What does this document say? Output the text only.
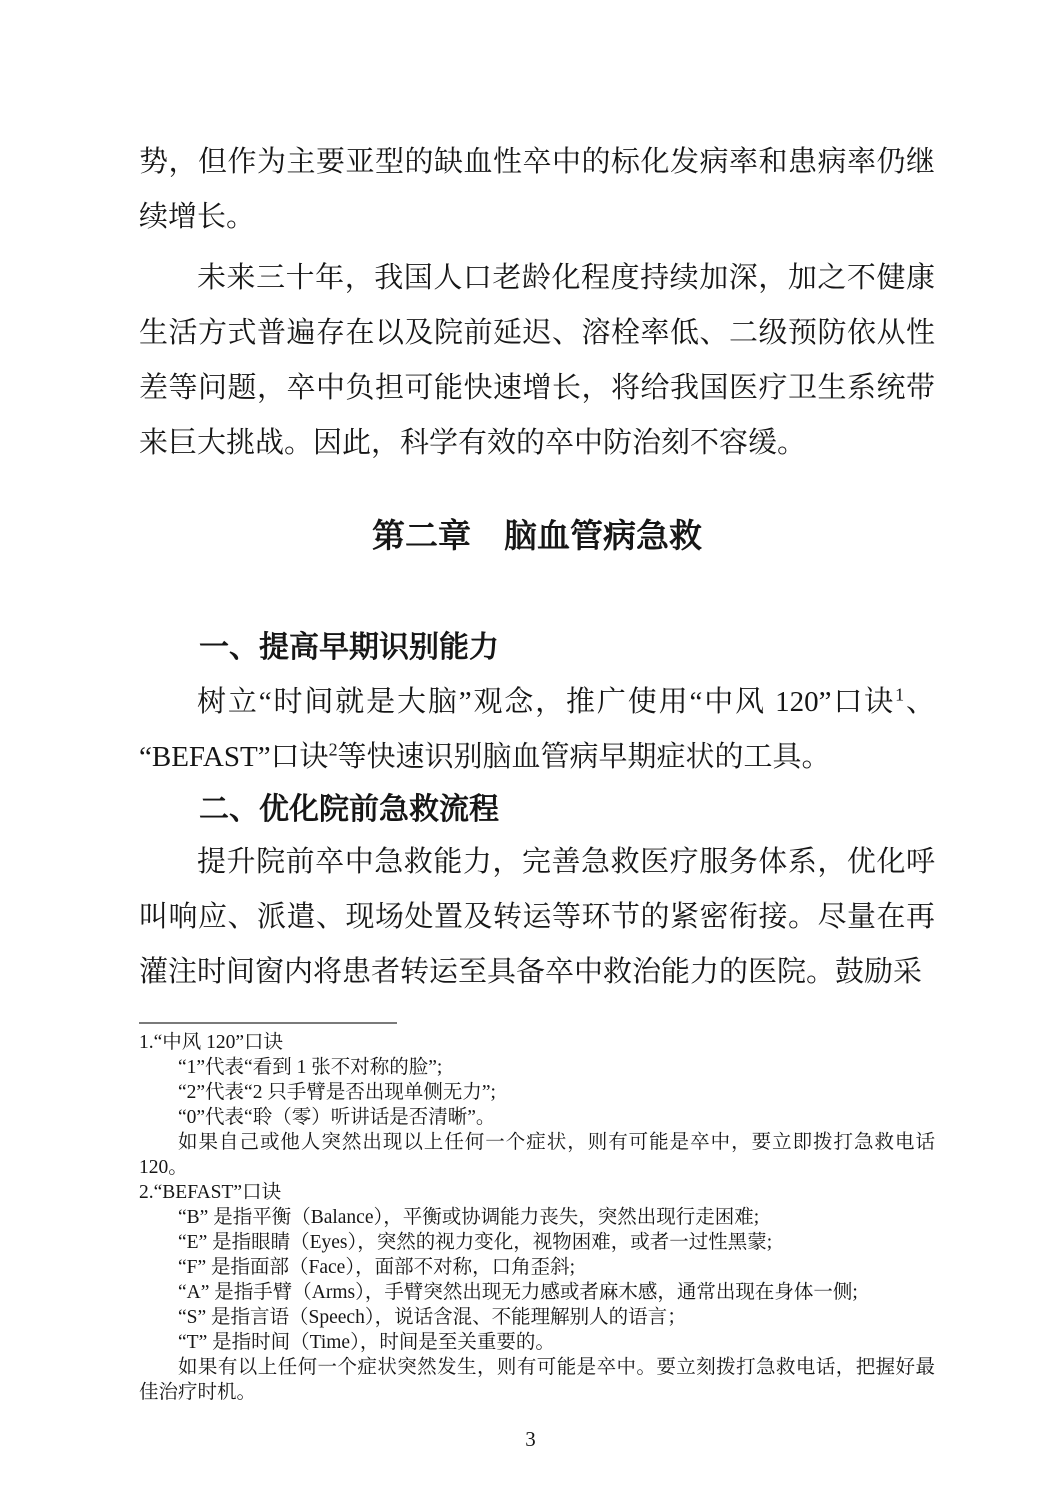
势，但作为主要亚型的缺血性卒中的标化发病率和患病率仍继续增长。

未来三十年，我国人口老龄化程度持续加深，加之不健康生活方式普遍存在以及院前延迟、溶栓率低、二级预防依从性差等问题，卒中负担可能快速增长，将给我国医疗卫生系统带来巨大挑战。因此，科学有效的卒中防治刻不容缓。

第二章　脑血管病急救
一、提高早期识别能力

树立“时间就是大脑”观念，推广使用“中风 120”口诀$^1$、“BEFAST”口诀$^2$等快速识别脑血管病早期症状的工具。

二、优化院前急救流程

提升院前卒中急救能力，完善急救医疗服务体系，优化呼叫响应、派遣、现场处置及转运等环节的紧密衔接。尽量在再灌注时间窗内将患者转运至具备卒中救治能力的医院。鼓励采

1.“中风 120”口诀
“1”代表“看到 1 张不对称的脸”;
“2”代表“2 只手臂是否出现单侧无力”;
“0”代表“聆（零）听讲话是否清晰”。
如果自己或他人突然出现以上任何一个症状，则有可能是卒中，要立即拨打急救电话 120。
2.“BEFAST”口诀
“B” 是指平衡（Balance），平衡或协调能力丧失，突然出现行走困难;
“E” 是指眼睛（Eyes），突然的视力变化，视物困难，或者一过性黑蒙;
“F” 是指面部（Face），面部不对称，口角歪斜;
“A” 是指手臂（Arms），手臂突然出现无力感或者麻木感，通常出现在身体一侧;
“S” 是指言语（Speech），说话含混、不能理解别人的语言；
“T” 是指时间（Time），时间是至关重要的。
如果有以上任何一个症状突然发生，则有可能是卒中。要立刻拨打急救电话，把握好最佳治疗时机。
3
